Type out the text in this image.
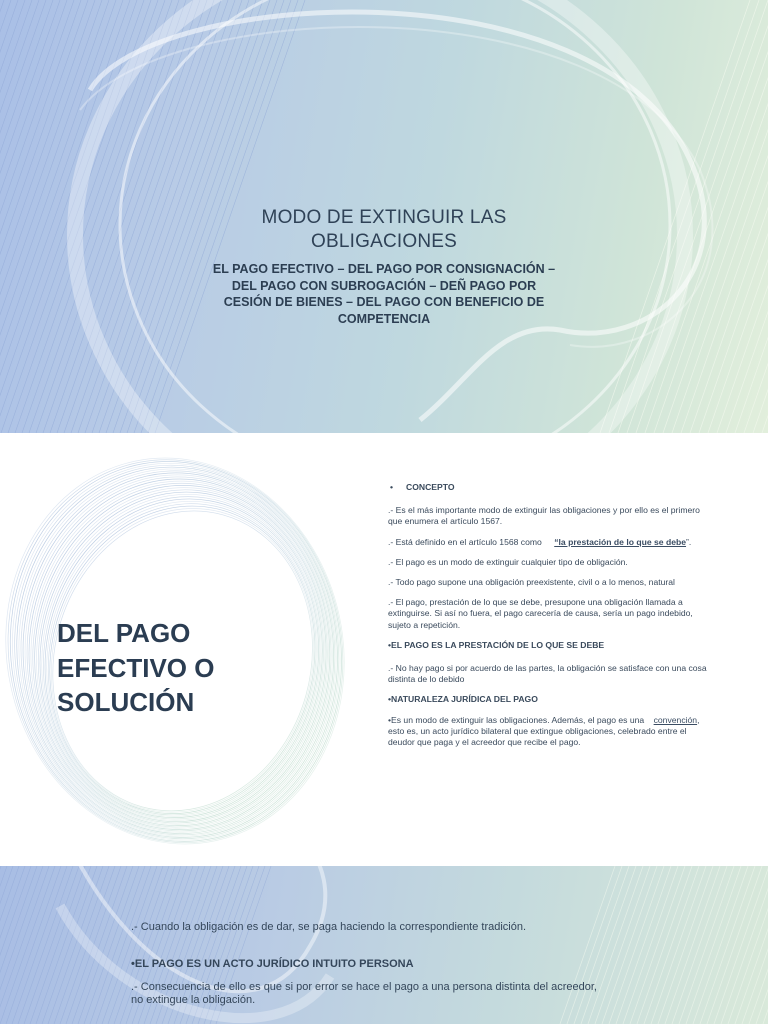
MODO DE EXTINGUIR LAS OBLIGACIONES
EL PAGO EFECTIVO – DEL PAGO POR CONSIGNACIÓN – DEL PAGO CON SUBROGACIÓN – DEÑ PAGO POR CESIÓN DE BIENES – DEL PAGO CON BENEFICIO DE COMPETENCIA
DEL PAGO EFECTIVO O SOLUCIÓN

•	CONCEPTO

.- Es el más importante modo de extinguir las obligaciones y por ello es el primero que enumera el artículo 1567.

.- Está definido en el artículo 1568 como “la prestación de lo que se debe”.

.- El pago es un modo de extinguir cualquier tipo de obligación.

.- Todo pago supone una obligación preexistente, civil o a lo menos, natural

.- El pago, prestación de lo que se debe, presupone una obligación llamada a extinguirse. Si así no fuera, el pago carecería de causa, sería un pago indebido, sujeto a repetición.

•EL PAGO ES LA PRESTACIÓN DE LO QUE SE DEBE

.- No hay pago si por acuerdo de las partes, la obligación se satisface con una cosa distinta de lo debido

•NATURALEZA JURÍDICA DEL PAGO

•Es un modo de extinguir las obligaciones. Además, el pago es una convención, esto es, un acto jurídico bilateral que extingue obligaciones, celebrado entre el deudor que paga y el acreedor que recibe el pago.

.- Cuando la obligación es de dar, se paga haciendo la correspondiente tradición.

•EL PAGO ES UN ACTO JURÍDICO INTUITO PERSONA

.- Consecuencia de ello es que si por error se hace el pago a una persona distinta del acreedor, no extingue la obligación.
